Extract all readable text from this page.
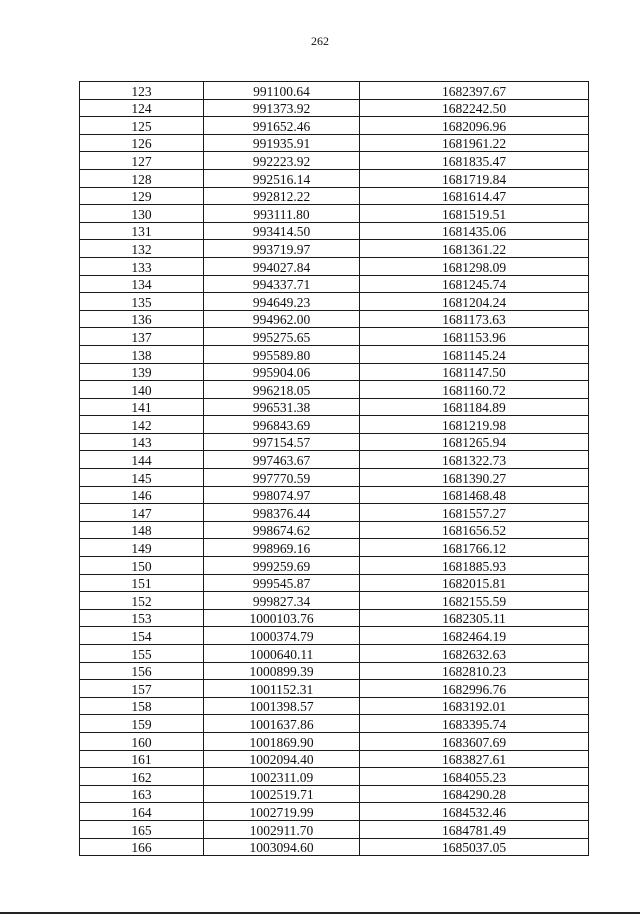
262
123	991100.64	1682397.67
124	991373.92	1682242.50
125	991652.46	1682096.96
126	991935.91	1681961.22
127	992223.92	1681835.47
128	992516.14	1681719.84
129	992812.22	1681614.47
130	993111.80	1681519.51
131	993414.50	1681435.06
132	993719.97	1681361.22
133	994027.84	1681298.09
134	994337.71	1681245.74
135	994649.23	1681204.24
136	994962.00	1681173.63
137	995275.65	1681153.96
138	995589.80	1681145.24
139	995904.06	1681147.50
140	996218.05	1681160.72
141	996531.38	1681184.89
142	996843.69	1681219.98
143	997154.57	1681265.94
144	997463.67	1681322.73
145	997770.59	1681390.27
146	998074.97	1681468.48
147	998376.44	1681557.27
148	998674.62	1681656.52
149	998969.16	1681766.12
150	999259.69	1681885.93
151	999545.87	1682015.81
152	999827.34	1682155.59
153	1000103.76	1682305.11
154	1000374.79	1682464.19
155	1000640.11	1682632.63
156	1000899.39	1682810.23
157	1001152.31	1682996.76
158	1001398.57	1683192.01
159	1001637.86	1683395.74
160	1001869.90	1683607.69
161	1002094.40	1683827.61
162	1002311.09	1684055.23
163	1002519.71	1684290.28
164	1002719.99	1684532.46
165	1002911.70	1684781.49
166	1003094.60	1685037.05
